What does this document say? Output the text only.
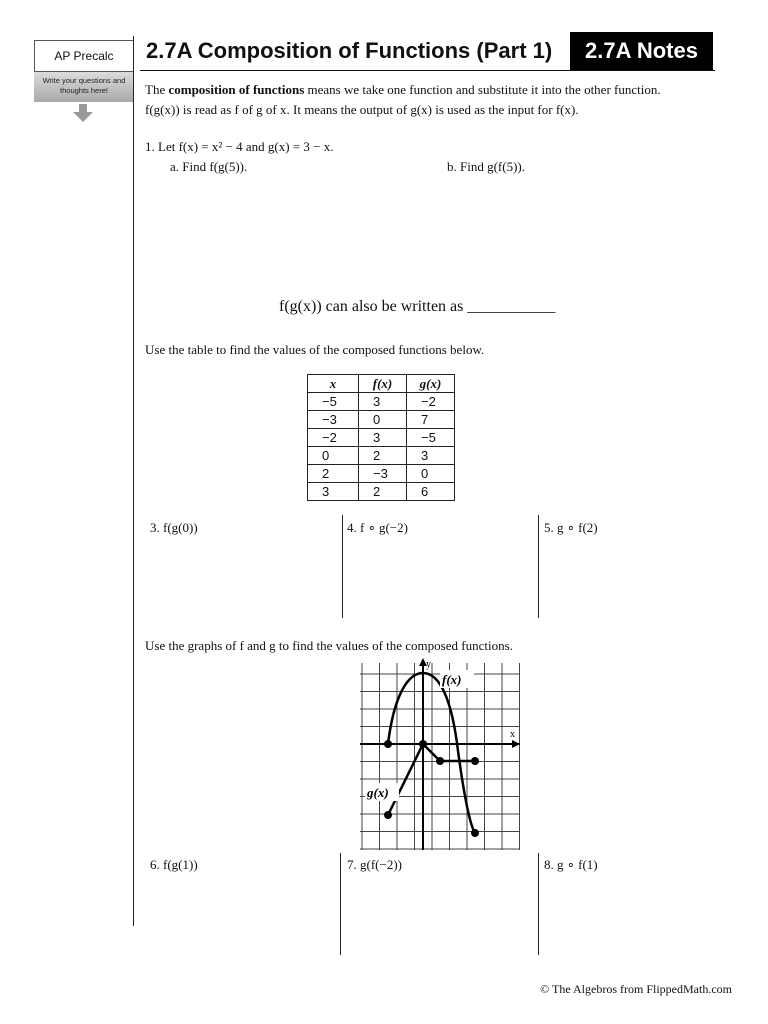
AP Precalc
Write your questions and thoughts here!
2.7A Composition of Functions (Part 1)	2.7A Notes
The composition of functions means we take one function and substitute it into the other function.
f(g(x)) is read as f of g of x. It means the output of g(x) is used as the input for f(x).
1. Let f(x) = x² − 4 and g(x) = 3 − x.
a. Find f(g(5)).	b. Find g(f(5)).
f(g(x)) can also be written as ___________
Use the table to find the values of the composed functions below.
x	f(x)	g(x)
−5	3	−2
−3	0	7
−2	3	−5
0	2	3
2	−3	0
3	2	6
3. f(g(0))	4. f ∘ g(−2)	5. g ∘ f(2)
Use the graphs of f and g to find the values of the composed functions.
y
x
f(x)
g(x)
6. f(g(1))	7. g(f(−2))	8. g ∘ f(1)
© The Algebros from FlippedMath.com
